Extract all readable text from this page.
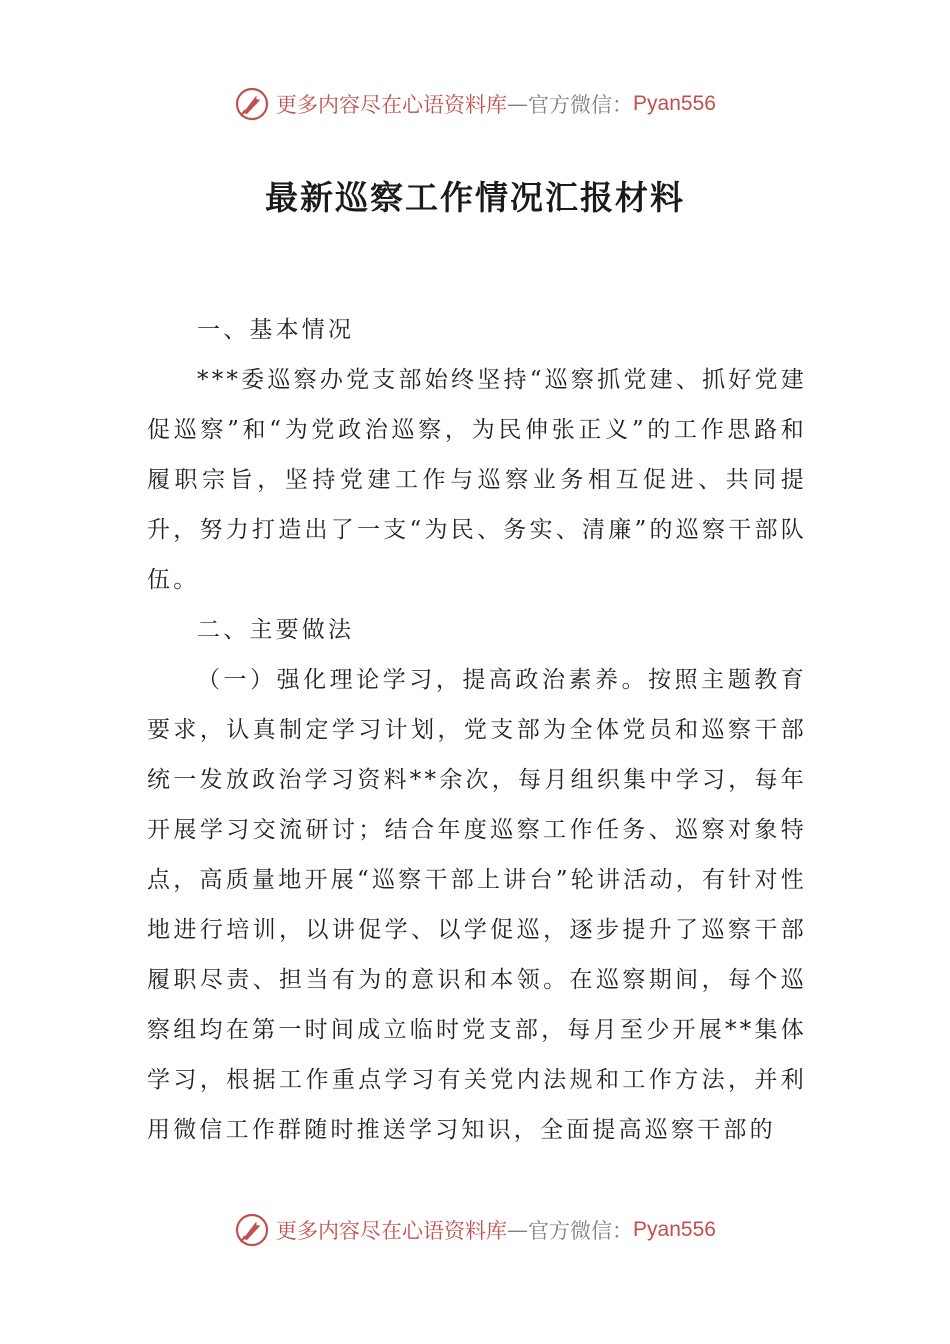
更多内容尽在心语资料库 — 官方微信： Pyan556
最新巡察工作情况汇报材料

一、基本情况

***委巡察办党支部始终坚持“巡察抓党建、抓好党建促巡察”和“为党政治巡察，为民伸张正义”的工作思路和履职宗旨，坚持党建工作与巡察业务相互促进、共同提升，努力打造出了一支“为民、务实、清廉”的巡察干部队伍。

二、主要做法

（一）强化理论学习，提高政治素养。按照主题教育要求，认真制定学习计划，党支部为全体党员和巡察干部统一发放政治学习资料**余次，每月组织集中学习，每年开展学习交流研讨；结合年度巡察工作任务、巡察对象特点，高质量地开展“巡察干部上讲台”轮讲活动，有针对性地进行培训，以讲促学、以学促巡，逐步提升了巡察干部履职尽责、担当有为的意识和本领。在巡察期间，每个巡察组均在第一时间成立临时党支部，每月至少开展**集体学习，根据工作重点学习有关党内法规和工作方法，并利用微信工作群随时推送学习知识，全面提高巡察干部的

更多内容尽在心语资料库 — 官方微信： Pyan556
